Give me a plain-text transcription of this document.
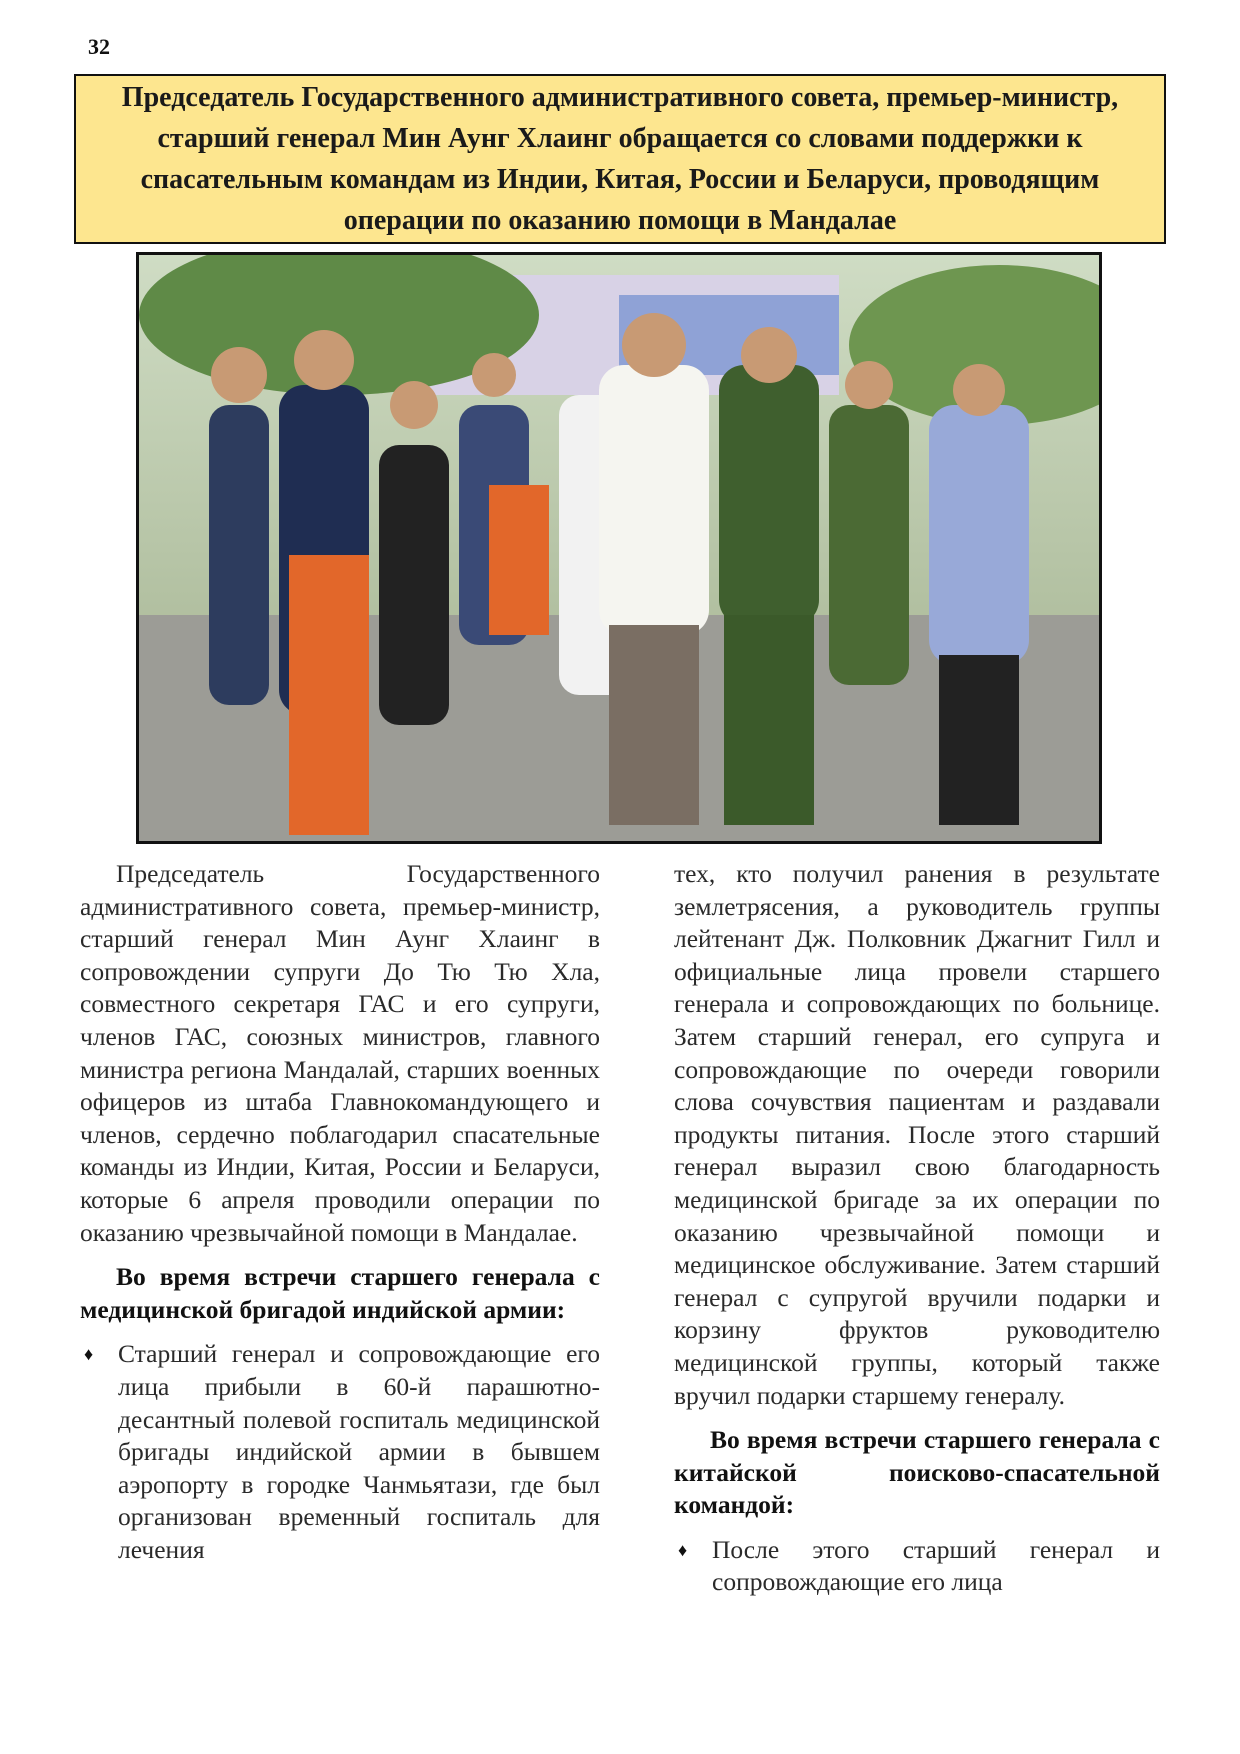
32

Председатель Государственного административного совета, премьер-министр, старший генерал Мин Аунг Хлаинг обращается со словами поддержки к спасательным командам из Индии, Китая, России и Беларуси, проводящим операции по оказанию помощи в Мандалае

Председатель Государственного административного совета, премьер-министр, старший генерал Мин Аунг Хлаинг в сопровождении супруги До Тю Тю Хла, совместного секретаря ГАС и его супруги, членов ГАС, союзных министров, главного министра региона Мандалай, старших военных офицеров из штаба Главнокомандующего и членов, сердечно поблагодарил спасательные команды из Индии, Китая, России и Беларуси, которые 6 апреля проводили операции по оказанию чрезвычайной помощи в Мандалае.

Во время встречи старшего генерала с медицинской бригадой индийской армии:

♦ Старший генерал и сопровождающие его лица прибыли в 60-й парашютно-десантный полевой госпиталь медицинской бригады индийской армии в бывшем аэропорту в городке Чанмьятази, где был организован временный госпиталь для лечения

тех, кто получил ранения в результате землетрясения, а руководитель группы лейтенант Дж. Полковник Джагнит Гилл и официальные лица провели старшего генерала и сопровождающих по больнице. Затем старший генерал, его супруга и сопровождающие по очереди говорили слова сочувствия пациентам и раздавали продукты питания. После этого старший генерал выразил свою благодарность медицинской бригаде за их операции по оказанию чрезвычайной помощи и медицинское обслуживание. Затем старший генерал с супругой вручили подарки и корзину фруктов руководителю медицинской группы, который также вручил подарки старшему генералу.

Во время встречи старшего генерала с китайской поисково-спасательной командой:

♦ После этого старший генерал и сопровождающие его лица
